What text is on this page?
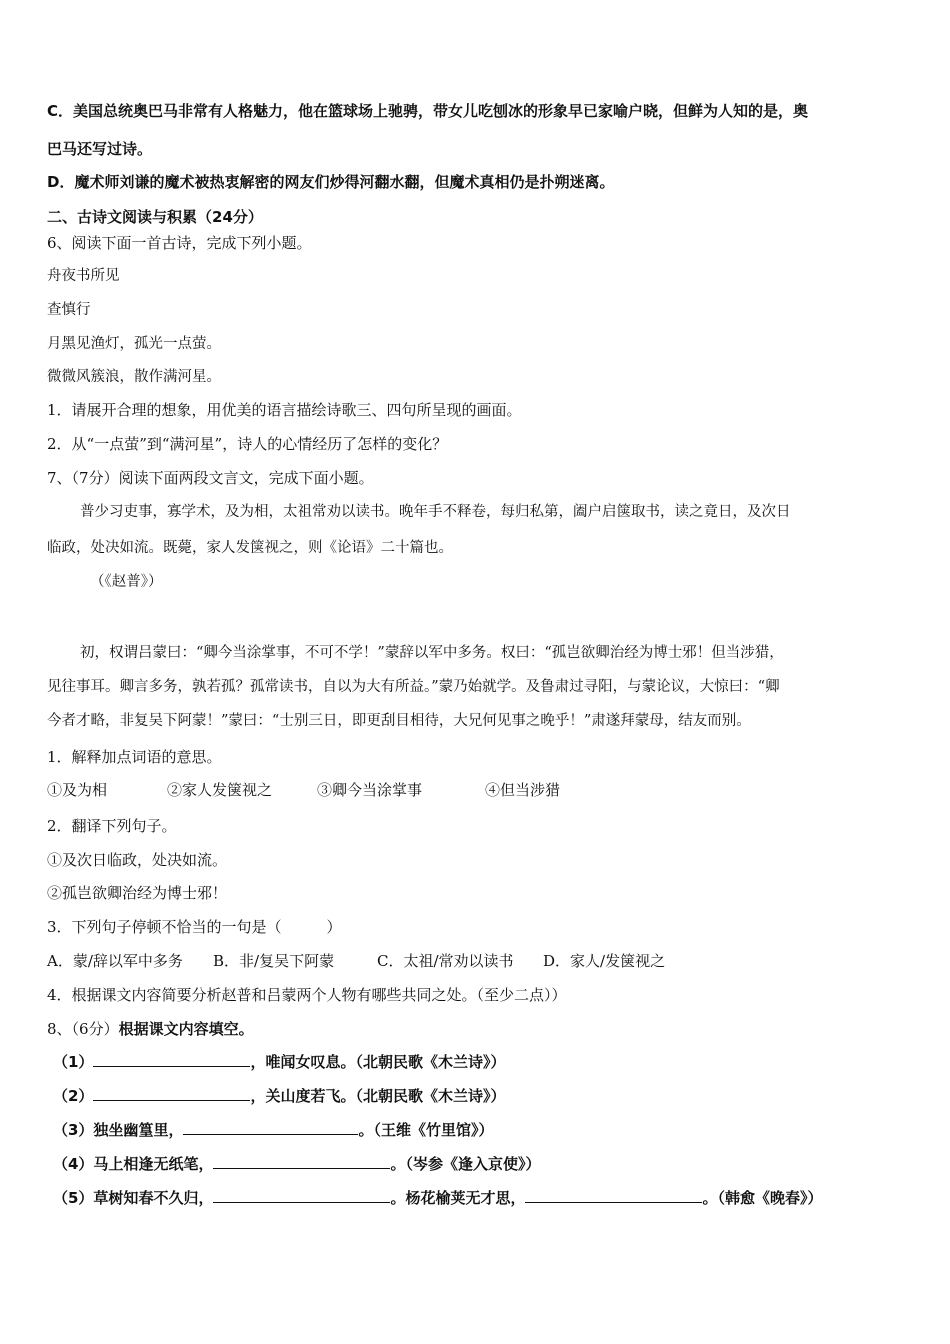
C．美国总统奥巴马非常有人格魅力，他在篮球场上驰骋，带女儿吃刨冰的形象早已家喻户晓，但鲜为人知的是，奥
巴马还写过诗。
D．魔术师刘谦的魔术被热衷解密的网友们炒得河翻水翻，但魔术真相仍是扑朔迷离。
二、古诗文阅读与积累（24分）
6、阅读下面一首古诗，完成下列小题。
舟夜书所见
查慎行
月黑见渔灯，孤光一点萤。
微微风簇浪，散作满河星。
1．请展开合理的想象，用优美的语言描绘诗歌三、四句所呈现的画面。
2．从“一点萤”到“满河星”，诗人的心情经历了怎样的变化？
7、（7分）阅读下面两段文言文，完成下面小题。
普少习吏事，寡学术，及为相，太祖常劝以读书。晚年手不释卷，每归私第，阖户启箧取书，读之竟日，及次日
临政，处决如流。既薨，家人发箧视之，则《论语》二十篇也。
（《赵普》）
初，权谓吕蒙曰：“卿今当涂掌事，不可不学！”蒙辞以军中多务。权曰：“孤岂欲卿治经为博士邪！但当涉猎，
见往事耳。卿言多务，孰若孤？孤常读书，自以为大有所益。”蒙乃始就学。及鲁肃过寻阳，与蒙论议，大惊曰：“卿
今者才略，非复吴下阿蒙！”蒙曰：“士别三日，即更刮目相待，大兄何见事之晚乎！”肃遂拜蒙母，结友而别。
1．解释加点词语的意思。
①及为相	②家人发箧视之	③卿今当涂掌事	④但当涉猎
2．翻译下列句子。
①及次日临政，处决如流。
②孤岂欲卿治经为博士邪！
3．下列句子停顿不恰当的一句是（　　　）
A．蒙/辞以军中多务 B．非/复吴下阿蒙	C．太祖/常劝以读书 D．家人/发箧视之
4．根据课文内容简要分析赵普和吕蒙两个人物有哪些共同之处。（至少二点））
8、（6分）根据课文内容填空。
（1）	，唯闻女叹息。（北朝民歌《木兰诗》）
（2）	，关山度若飞。（北朝民歌《木兰诗》）
（3）独坐幽篁里，	。（王维《竹里馆》）
（4）马上相逢无纸笔，	。（岑参《逢入京使》）
（5）草树知春不久归，	。杨花榆荚无才思，	。（韩愈《晚春》）
